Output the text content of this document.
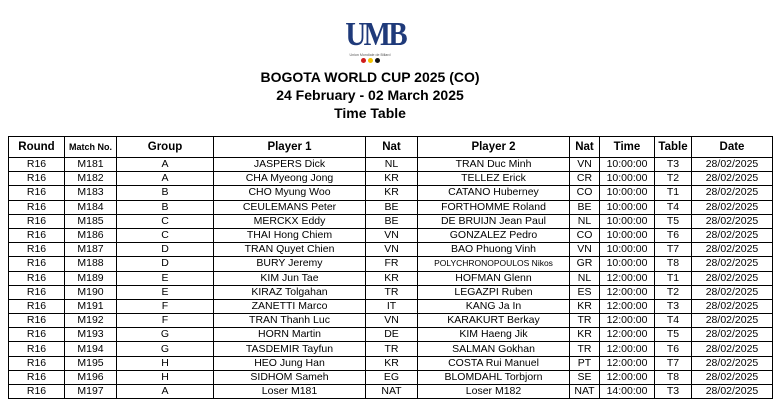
UMB
Union Mondiale de Billard
BOGOTA WORLD CUP 2025 (CO)
24 February - 02 March 2025
Time Table
Round	Match No.	Group	Player 1	Nat	Player 2	Nat	Time	Table	Date
R16	M181	A	JASPERS Dick	NL	TRAN Duc Minh	VN	10:00:00	T3	28/02/2025
R16	M182	A	CHA Myeong Jong	KR	TELLEZ Erick	CR	10:00:00	T2	28/02/2025
R16	M183	B	CHO Myung Woo	KR	CATANO Huberney	CO	10:00:00	T1	28/02/2025
R16	M184	B	CEULEMANS Peter	BE	FORTHOMME Roland	BE	10:00:00	T4	28/02/2025
R16	M185	C	MERCKX Eddy	BE	DE BRUIJN Jean Paul	NL	10:00:00	T5	28/02/2025
R16	M186	C	THAI Hong Chiem	VN	GONZALEZ Pedro	CO	10:00:00	T6	28/02/2025
R16	M187	D	TRAN Quyet Chien	VN	BAO Phuong Vinh	VN	10:00:00	T7	28/02/2025
R16	M188	D	BURY Jeremy	FR	POLYCHRONOPOULOS Nikos	GR	10:00:00	T8	28/02/2025
R16	M189	E	KIM Jun Tae	KR	HOFMAN Glenn	NL	12:00:00	T1	28/02/2025
R16	M190	E	KIRAZ Tolgahan	TR	LEGAZPI Ruben	ES	12:00:00	T2	28/02/2025
R16	M191	F	ZANETTI Marco	IT	KANG Ja In	KR	12:00:00	T3	28/02/2025
R16	M192	F	TRAN Thanh Luc	VN	KARAKURT Berkay	TR	12:00:00	T4	28/02/2025
R16	M193	G	HORN Martin	DE	KIM Haeng Jik	KR	12:00:00	T5	28/02/2025
R16	M194	G	TASDEMIR Tayfun	TR	SALMAN Gokhan	TR	12:00:00	T6	28/02/2025
R16	M195	H	HEO Jung Han	KR	COSTA Rui Manuel	PT	12:00:00	T7	28/02/2025
R16	M196	H	SIDHOM Sameh	EG	BLOMDAHL Torbjorn	SE	12:00:00	T8	28/02/2025
R16	M197	A	Loser M181	NAT	Loser M182	NAT	14:00:00	T3	28/02/2025
